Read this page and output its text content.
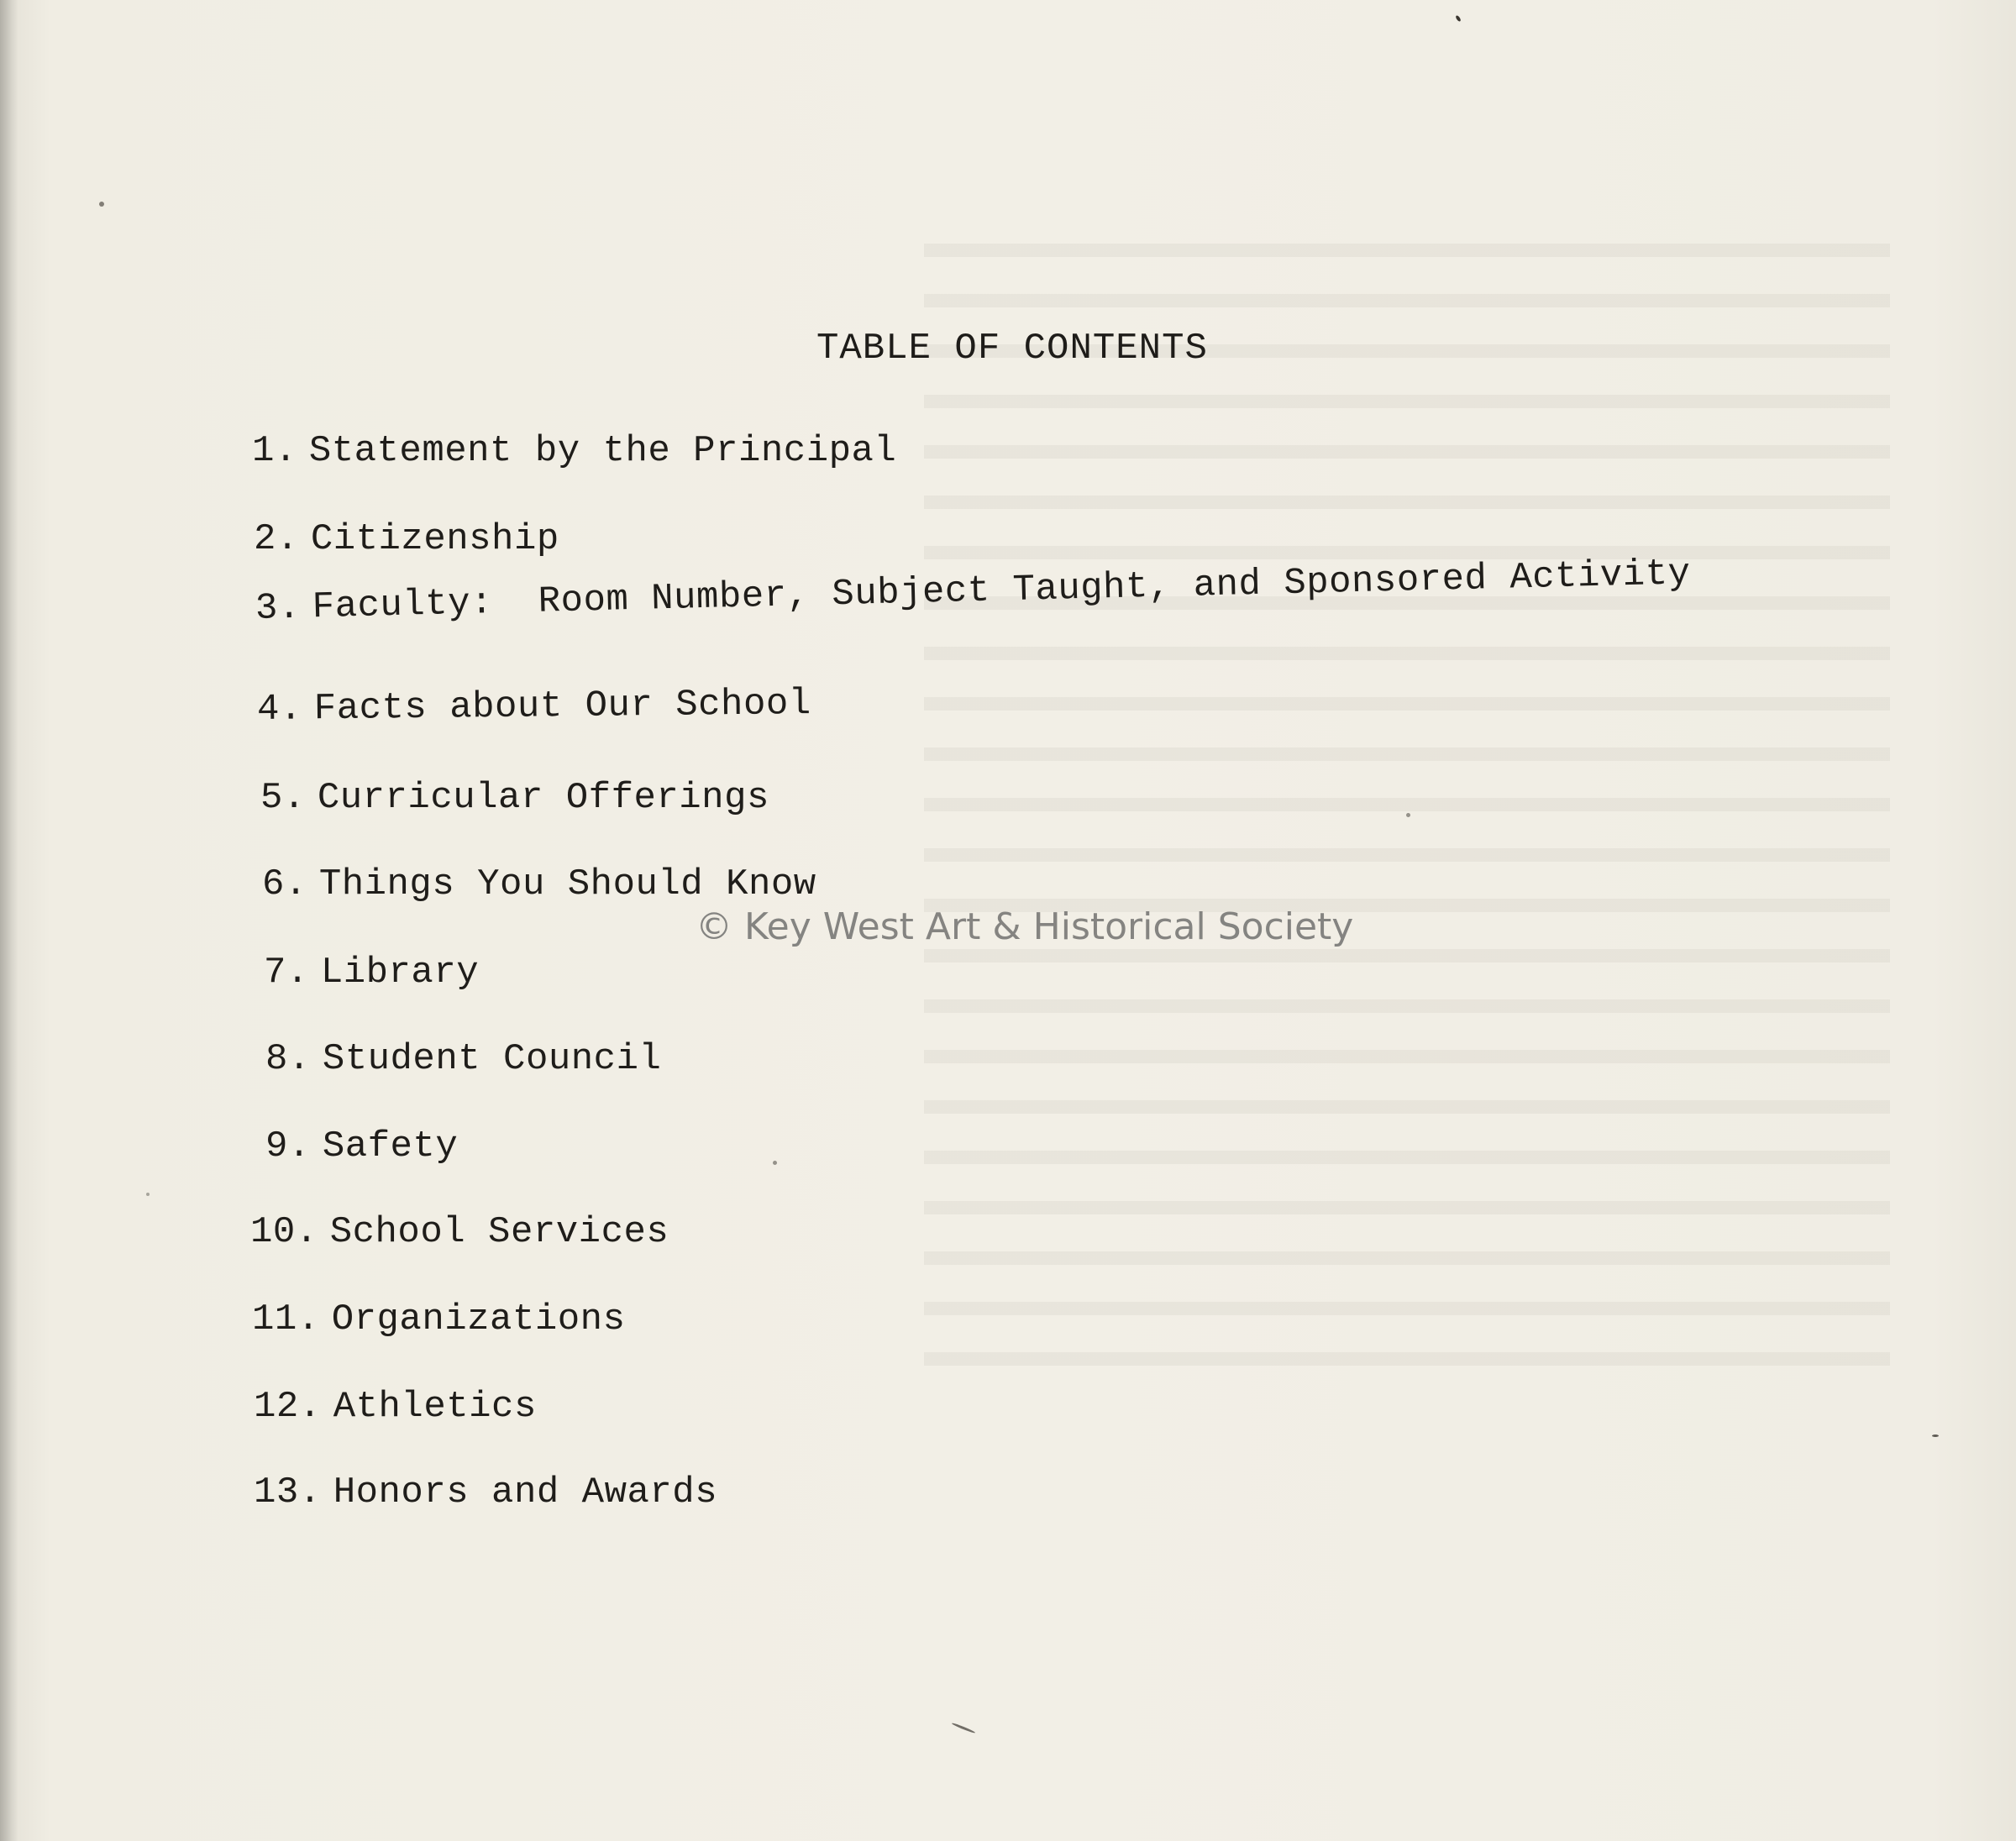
TABLE OF CONTENTS
1. Statement by the Principal
2. Citizenship
3. Faculty:  Room Number, Subject Taught, and Sponsored Activity
4. Facts about Our School
5. Curricular Offerings
6. Things You Should Know
7. Library
8. Student Council
9. Safety
10. School Services
11. Organizations
12. Athletics
13. Honors and Awards
© Key West Art & Historical Society
